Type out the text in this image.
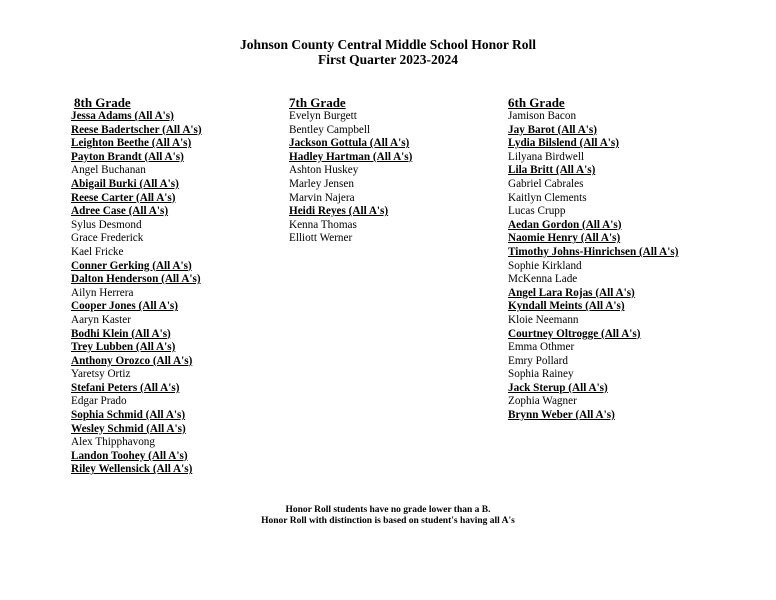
Johnson County Central Middle School Honor Roll
First Quarter 2023-2024
8th Grade
Jessa Adams (All A's)
Reese Badertscher (All A's)
Leighton Beethe (All A's)
Payton Brandt (All A's)
Angel Buchanan
Abigail Burki (All A's)
Reese Carter (All A's)
Adree Case (All A's)
Sylus Desmond
Grace Frederick
Kael Fricke
Conner Gerking (All A's)
Dalton Henderson (All A's)
Ailyn Herrera
Cooper Jones (All A's)
Aaryn Kaster
Bodhi Klein (All A's)
Trey Lubben (All A's)
Anthony Orozco (All A's)
Yaretsy Ortiz
Stefani Peters (All A's)
Edgar Prado
Sophia Schmid (All A's)
Wesley Schmid (All A's)
Alex Thipphavong
Landon Toohey (All A's)
Riley Wellensick (All A's)
7th Grade
Evelyn Burgett
Bentley Campbell
Jackson Gottula (All A's)
Hadley Hartman (All A's)
Ashton Huskey
Marley Jensen
Marvin Najera
Heidi Reyes (All A's)
Kenna Thomas
Elliott Werner
6th Grade
Jamison Bacon
Jay Barot (All A's)
Lydia Bilslend (All A's)
Lilyana Birdwell
Lila Britt (All A's)
Gabriel Cabrales
Kaitlyn Clements
Lucas Crupp
Aedan Gordon (All A's)
Naomie Henry (All A's)
Timothy Johns-Hinrichsen (All A's)
Sophie Kirkland
McKenna Lade
Angel Lara Rojas (All A's)
Kyndall Meints (All A's)
Kloie Neemann
Courtney Oltrogge (All A's)
Emma Othmer
Emry Pollard
Sophia Rainey
Jack Sterup (All A's)
Zophia Wagner
Brynn Weber (All A's)
Honor Roll students have no grade lower than a B.
Honor Roll with distinction is based on student's having all A's
